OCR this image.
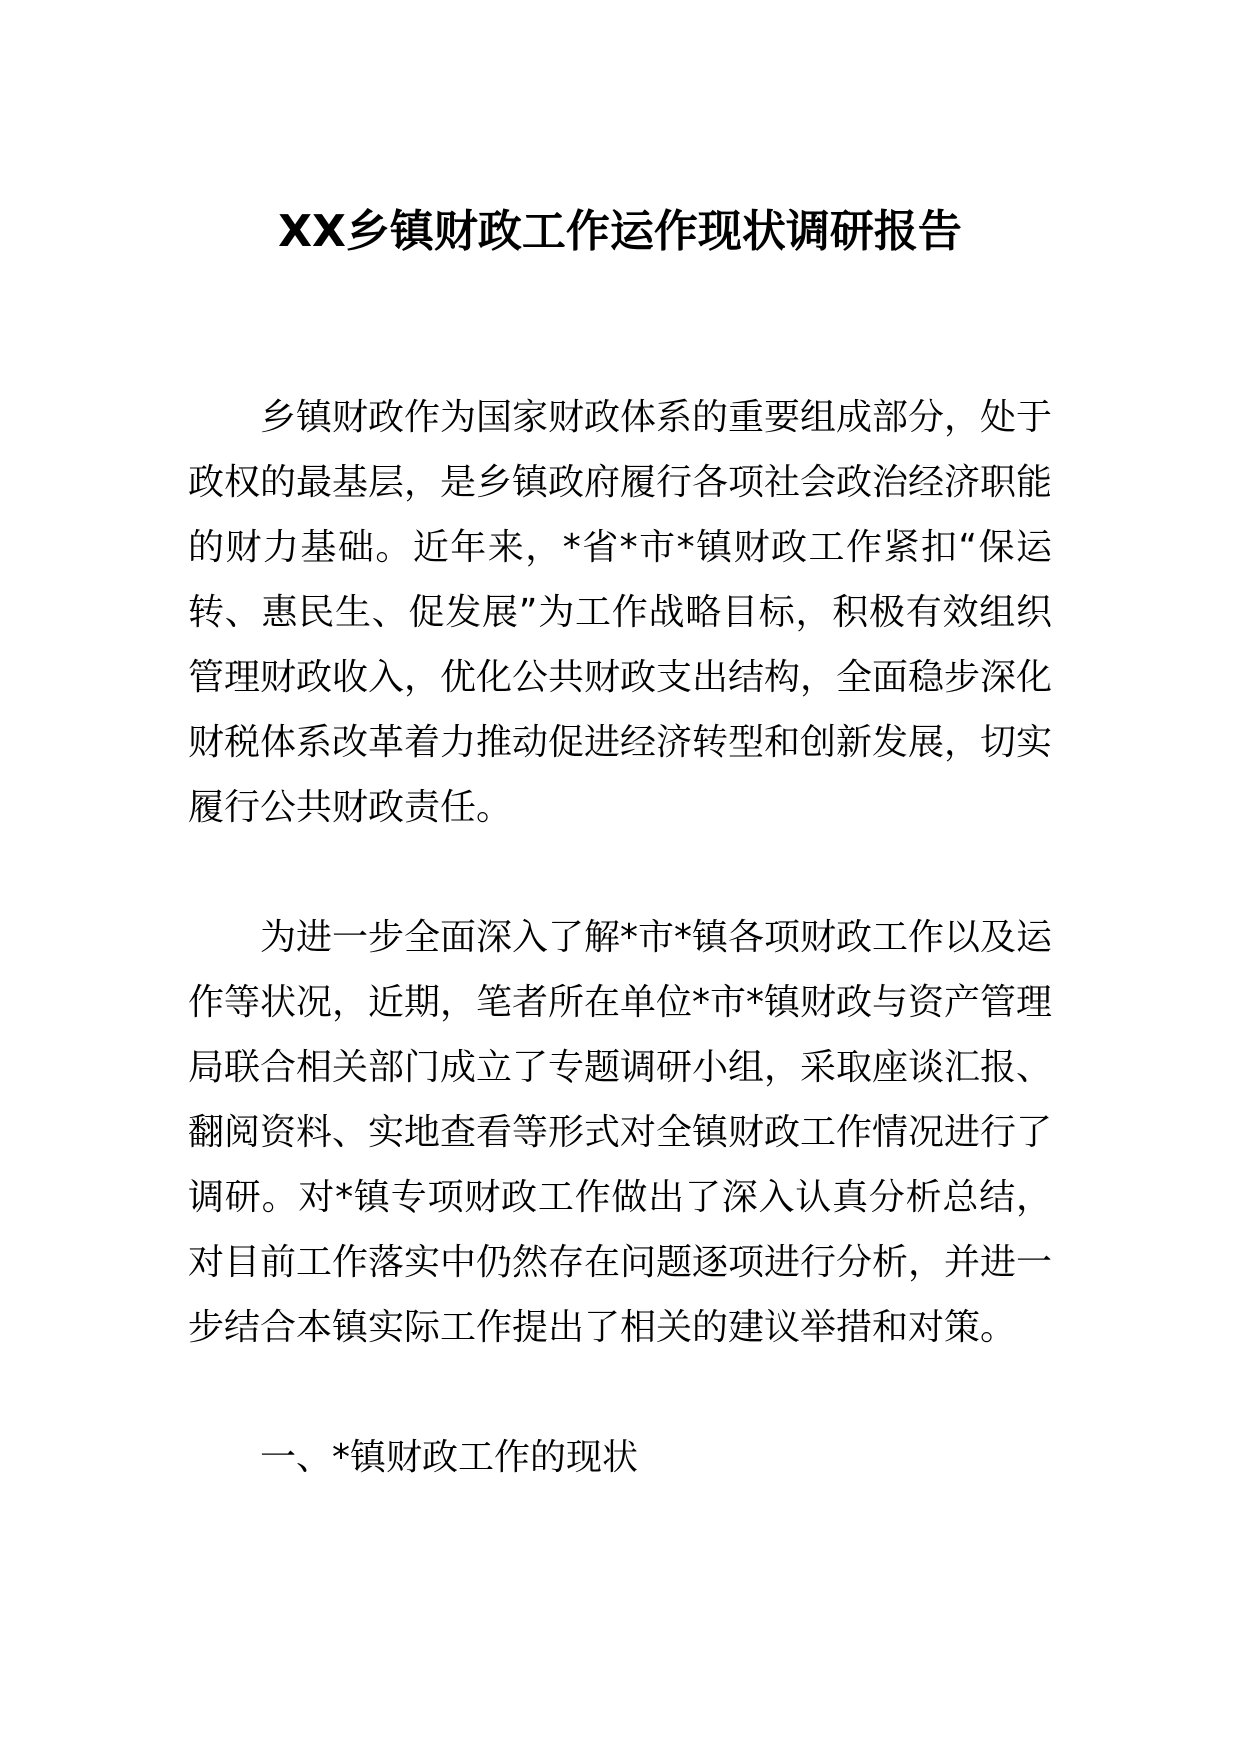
XX乡镇财政工作运作现状调研报告

乡镇财政作为国家财政体系的重要组成部分，处于政权的最基层，是乡镇政府履行各项社会政治经济职能的财力基础。近年来，*省*市*镇财政工作紧扣“保运转、惠民生、促发展”为工作战略目标，积极有效组织管理财政收入，优化公共财政支出结构，全面稳步深化财税体系改革着力推动促进经济转型和创新发展，切实履行公共财政责任。

为进一步全面深入了解*市*镇各项财政工作以及运作等状况，近期，笔者所在单位*市*镇财政与资产管理局联合相关部门成立了专题调研小组，采取座谈汇报、翻阅资料、实地查看等形式对全镇财政工作情况进行了调研。对*镇专项财政工作做出了深入认真分析总结，对目前工作落实中仍然存在问题逐项进行分析，并进一步结合本镇实际工作提出了相关的建议举措和对策。

一、*镇财政工作的现状
